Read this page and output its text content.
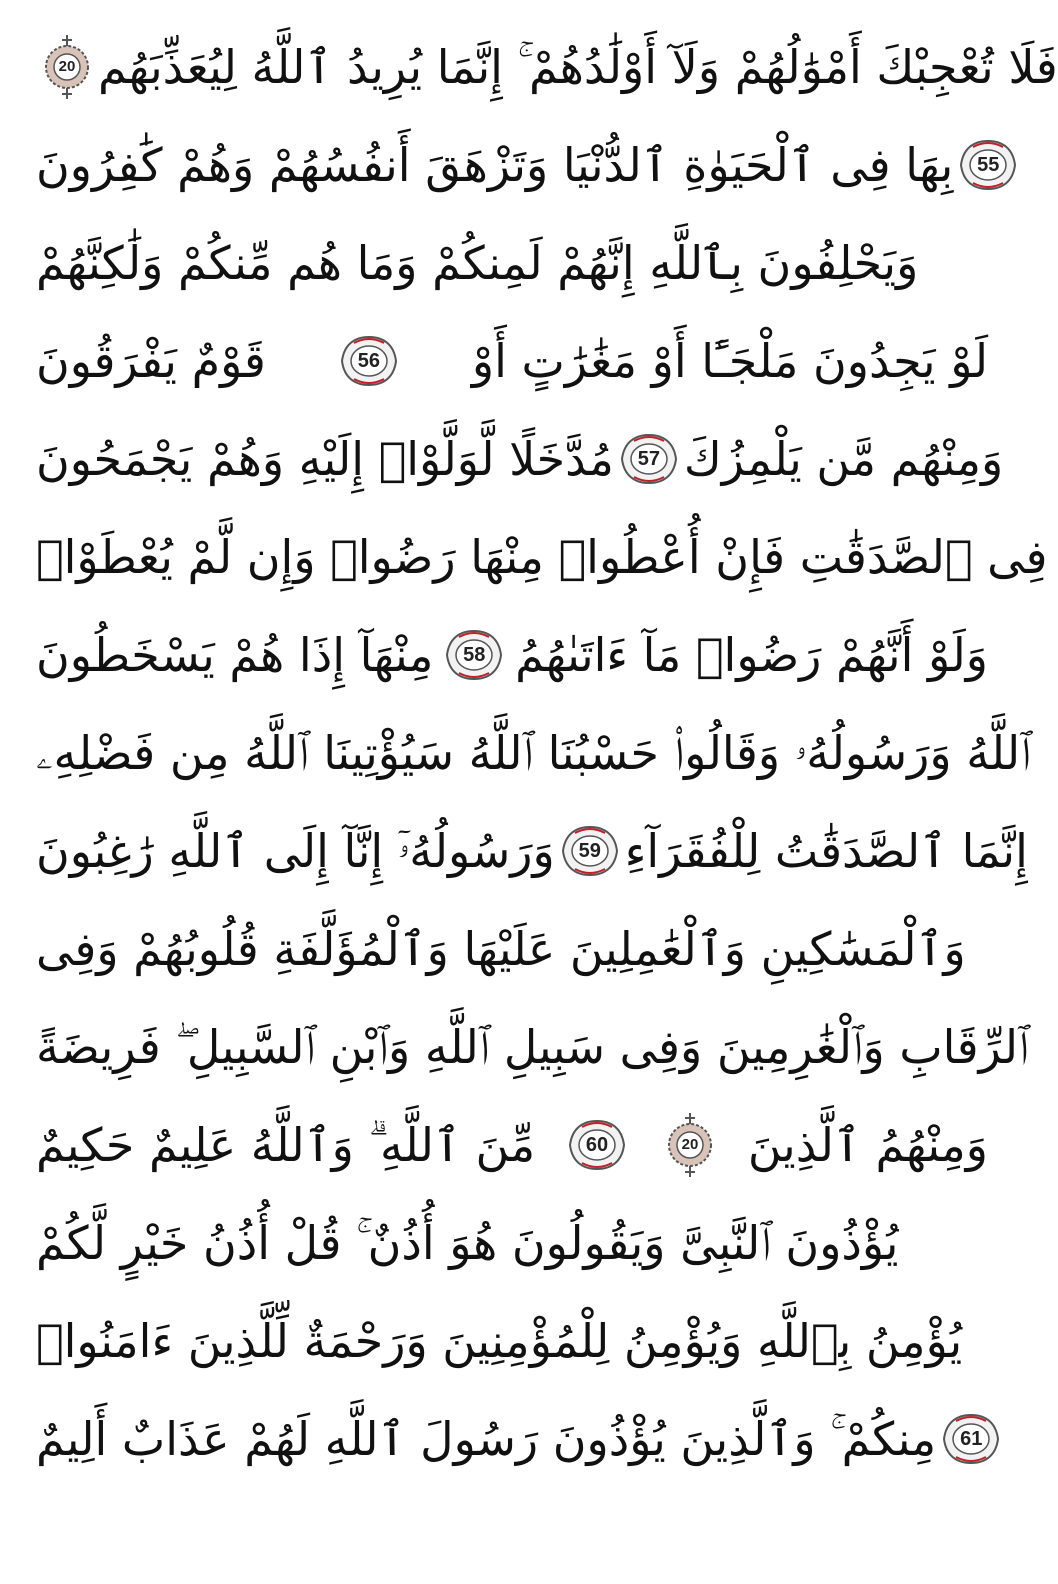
20 فَلَا تُعْجِبْكَ أَمْوَٰلُهُمْ وَلَآ أَوْلَٰدُهُمْ ۚ إِنَّمَا يُرِيدُ ٱللَّهُ لِيُعَذِّبَهُم
بِهَا فِى ٱلْحَيَوٰةِ ٱلدُّنْيَا وَتَزْهَقَ أَنفُسُهُمْ وَهُمْ كَٰفِرُونَ 55
وَيَحْلِفُونَ بِٱللَّهِ إِنَّهُمْ لَمِنكُمْ وَمَا هُم مِّنكُمْ وَلَٰكِنَّهُمْ
قَوْمٌ يَفْرَقُونَ	56 لَوْ يَجِدُونَ مَلْجَـًٔا أَوْ مَغَٰرَٰتٍ أَوْ
مُدَّخَلًا لَّوَلَّوْا۟ إِلَيْهِ وَهُمْ يَجْمَحُونَ 57 وَمِنْهُم مَّن يَلْمِزُكَ
فِى ٱلصَّدَقَٰتِ فَإِنْ أُعْطُوا۟ مِنْهَا رَضُوا۟ وَإِن لَّمْ يُعْطَوْا۟
مِنْهَآ إِذَا هُمْ يَسْخَطُونَ 58 وَلَوْ أَنَّهُمْ رَضُوا۟ مَآ ءَاتَىٰهُمُ
ٱللَّهُ وَرَسُولُهُۥ وَقَالُوا۟ حَسْبُنَا ٱللَّهُ سَيُؤْتِينَا ٱللَّهُ مِن فَضْلِهِۦ
وَرَسُولُهُۥٓ إِنَّآ إِلَى ٱللَّهِ رَٰغِبُونَ 59 إِنَّمَا ٱلصَّدَقَٰتُ لِلْفُقَرَآءِ
وَٱلْمَسَٰكِينِ وَٱلْعَٰمِلِينَ عَلَيْهَا وَٱلْمُؤَلَّفَةِ قُلُوبُهُمْ وَفِى
ٱلرِّقَابِ وَٱلْغَٰرِمِينَ وَفِى سَبِيلِ ٱللَّهِ وَٱبْنِ ٱلسَّبِيلِ ۖ فَرِيضَةً
مِّنَ ٱللَّهِ ۗ وَٱللَّهُ عَلِيمٌ حَكِيمٌ	60	20 وَمِنْهُمُ ٱلَّذِينَ
يُؤْذُونَ ٱلنَّبِىَّ وَيَقُولُونَ هُوَ أُذُنٌ ۚ قُلْ أُذُنُ خَيْرٍ لَّكُمْ
يُؤْمِنُ بِٱللَّهِ وَيُؤْمِنُ لِلْمُؤْمِنِينَ وَرَحْمَةٌ لِّلَّذِينَ ءَامَنُوا۟
مِنكُمْ ۚ وَٱلَّذِينَ يُؤْذُونَ رَسُولَ ٱللَّهِ لَهُمْ عَذَابٌ أَلِيمٌ 61
